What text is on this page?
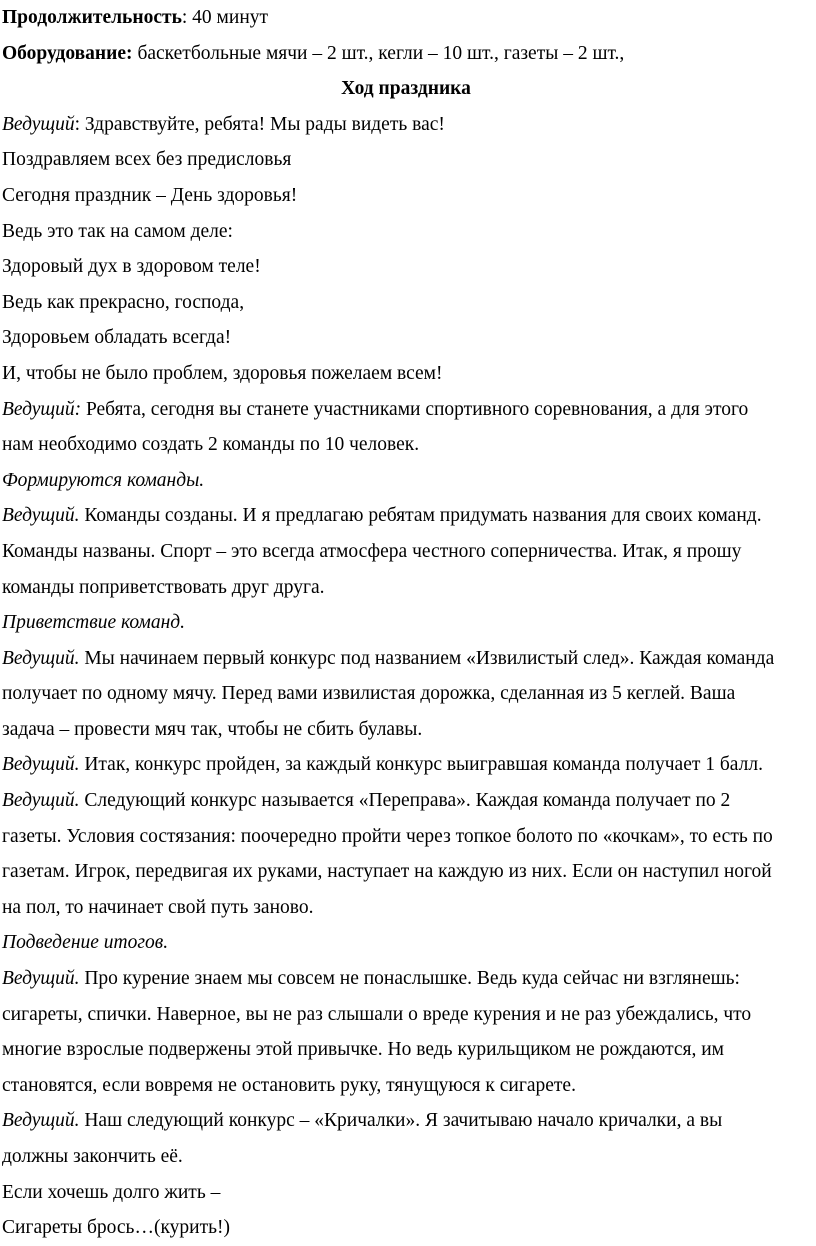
Продолжительность: 40 минут
Оборудование: баскетбольные мячи – 2 шт., кегли – 10 шт., газеты – 2 шт.,
Ход праздника
Ведущий: Здравствуйте, ребята! Мы рады видеть вас!
Поздравляем всех без предисловья
Сегодня праздник – День здоровья!
Ведь это так на самом деле:
Здоровый дух в здоровом теле!
Ведь как прекрасно, господа,
Здоровьем обладать всегда!
И, чтобы не было проблем, здоровья пожелаем всем!
Ведущий: Ребята, сегодня вы станете участниками спортивного соревнования, а для этого
нам необходимо создать 2 команды по 10 человек.
Формируются команды.
Ведущий. Команды созданы. И я предлагаю ребятам придумать названия для своих команд.
Команды названы. Спорт – это всегда атмосфера честного соперничества. Итак, я прошу
команды поприветствовать друг друга.
Приветствие команд.
Ведущий. Мы начинаем первый конкурс под названием «Извилистый след». Каждая команда
получает по одному мячу. Перед вами извилистая дорожка, сделанная из 5 кеглей. Ваша
задача – провести мяч так, чтобы не сбить булавы.
Ведущий. Итак, конкурс пройден, за каждый конкурс выигравшая команда получает 1 балл.
Ведущий. Следующий конкурс называется «Переправа». Каждая команда получает по 2
газеты. Условия состязания: поочередно пройти через топкое болото по «кочкам», то есть по
газетам. Игрок, передвигая их руками, наступает на каждую из них. Если он наступил ногой
на пол, то начинает свой путь заново.
Подведение итогов.
Ведущий. Про курение знаем мы совсем не понаслышке. Ведь куда сейчас ни взглянешь:
сигареты, спички. Наверное, вы не раз слышали о вреде курения и не раз убеждались, что
многие взрослые подвержены этой привычке. Но ведь курильщиком не рождаются, им
становятся, если вовремя не остановить руку, тянущуюся к сигарете.
Ведущий. Наш следующий конкурс – «Кричалки». Я зачитываю начало кричалки, а вы
должны закончить её.
Если хочешь долго жить –
Сигареты брось…(курить!)
